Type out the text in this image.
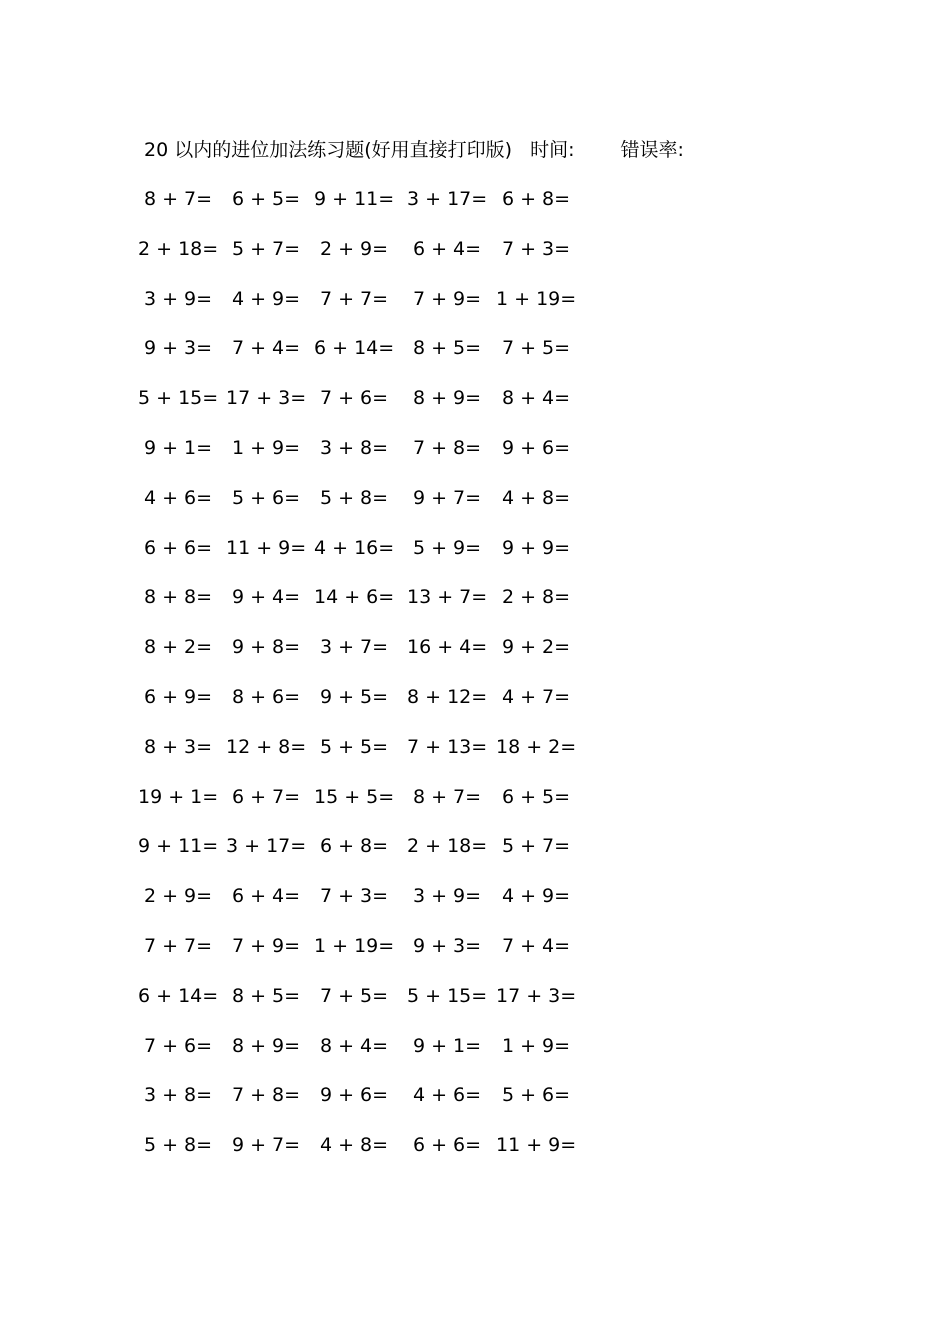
20 以内的进位加法练习题(好用直接打印版) 时间: 错误率:
8 + 7=	6 + 5= 9 + 11= 3 + 17= 6 + 8=
2 + 18= 5 + 7=	2 + 9=	6 + 4=	7 + 3=
3 + 9=	4 + 9=	7 + 7=	7 + 9= 1 + 19=
9 + 3=	7 + 4= 6 + 14= 8 + 5=	7 + 5=
5 + 15= 17 + 3= 7 + 6=	8 + 9=	8 + 4=
9 + 1=	1 + 9=	3 + 8=	7 + 8=	9 + 6=
4 + 6=	5 + 6=	5 + 8=	9 + 7=	4 + 8=
6 + 6= 11 + 9= 4 + 16= 5 + 9=	9 + 9=
8 + 8=	9 + 4= 14 + 6= 13 + 7= 2 + 8=
8 + 2=	9 + 8=	3 + 7= 16 + 4= 9 + 2=
6 + 9=	8 + 6=	9 + 5= 8 + 12= 4 + 7=
8 + 3= 12 + 8= 5 + 5= 7 + 13= 18 + 2=
19 + 1= 6 + 7= 15 + 5= 8 + 7=	6 + 5=
9 + 11= 3 + 17= 6 + 8= 2 + 18= 5 + 7=
2 + 9=	6 + 4=	7 + 3=	3 + 9=	4 + 9=
7 + 7=	7 + 9= 1 + 19= 9 + 3=	7 + 4=
6 + 14= 8 + 5=	7 + 5= 5 + 15= 17 + 3=
7 + 6=	8 + 9=	8 + 4=	9 + 1=	1 + 9=
3 + 8=	7 + 8=	9 + 6=	4 + 6=	5 + 6=
5 + 8=	9 + 7=	4 + 8=	6 + 6= 11 + 9=
